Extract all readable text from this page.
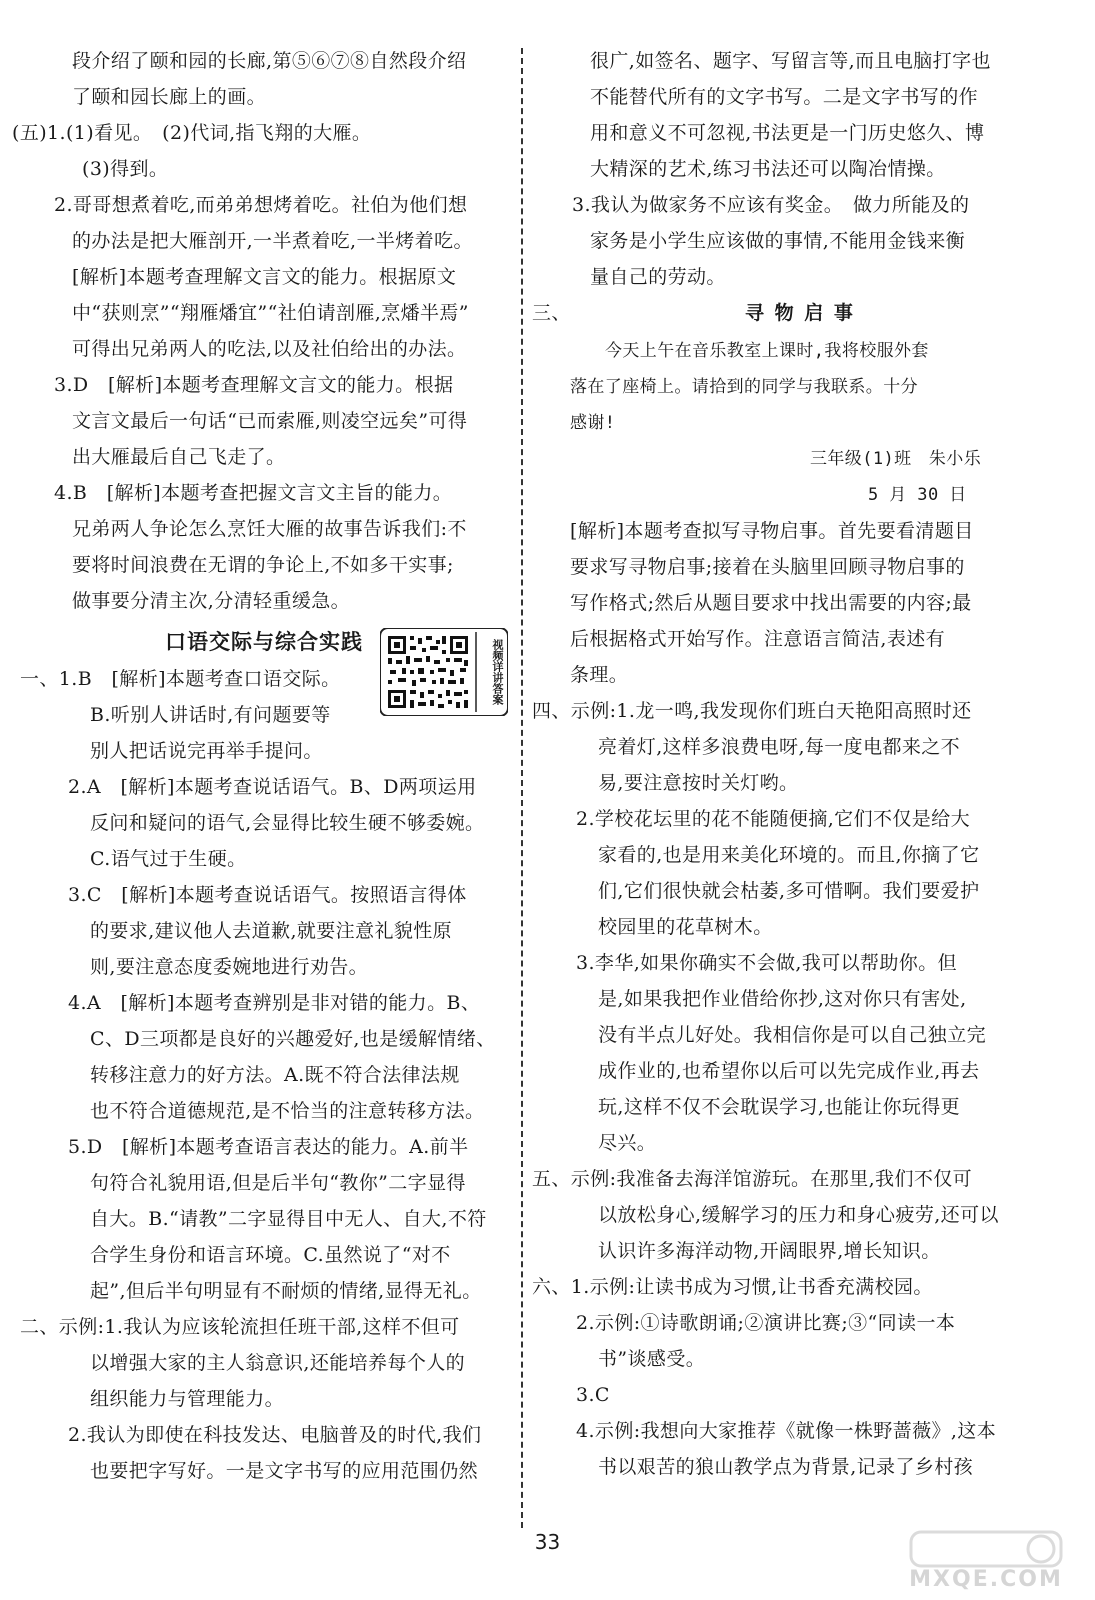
段介绍了颐和园的长廊,第⑤⑥⑦⑧自然段介绍
了颐和园长廊上的画。
(五)1.(1)看见。　(2)代词,指飞翔的大雁。
(3)得到。
2.哥哥想煮着吃,而弟弟想烤着吃。社伯为他们想
的办法是把大雁剖开,一半煮着吃,一半烤着吃。
[解析]本题考查理解文言文的能力。根据原文
中“获则烹”“翔雁燔宜”“社伯请剖雁,烹燔半焉”
可得出兄弟两人的吃法,以及社伯给出的办法。
3.D　[解析]本题考查理解文言文的能力。根据
文言文最后一句话“已而索雁,则凌空远矣”可得
出大雁最后自己飞走了。
4.B　[解析]本题考查把握文言文主旨的能力。
兄弟两人争论怎么烹饪大雁的故事告诉我们:不
要将时间浪费在无谓的争论上,不如多干实事;
做事要分清主次,分清轻重缓急。
口语交际与综合实践
一、1.B　[解析]本题考查口语交际。
B.听别人讲话时,有问题要等
别人把话说完再举手提问。
2.A　[解析]本题考查说话语气。B、D两项运用
反问和疑问的语气,会显得比较生硬不够委婉。
C.语气过于生硬。
3.C　[解析]本题考查说话语气。按照语言得体
的要求,建议他人去道歉,就要注意礼貌性原
则,要注意态度委婉地进行劝告。
4.A　[解析]本题考查辨别是非对错的能力。B、
C、D三项都是良好的兴趣爱好,也是缓解情绪、
转移注意力的好方法。A.既不符合法律法规
也不符合道德规范,是不恰当的注意转移方法。
5.D　[解析]本题考查语言表达的能力。A.前半
句符合礼貌用语,但是后半句“教你”二字显得
自大。B.“请教”二字显得目中无人、自大,不符
合学生身份和语言环境。C.虽然说了“对不
起”,但后半句明显有不耐烦的情绪,显得无礼。
二、示例:1.我认为应该轮流担任班干部,这样不但可
以增强大家的主人翁意识,还能培养每个人的
组织能力与管理能力。
2.我认为即使在科技发达、电脑普及的时代,我们
也要把字写好。一是文字书写的应用范围仍然
视频详讲答案
很广,如签名、题字、写留言等,而且电脑打字也
不能替代所有的文字书写。二是文字书写的作
用和意义不可忽视,书法更是一门历史悠久、博
大精深的艺术,练习书法还可以陶冶情操。
3.我认为做家务不应该有奖金。　做力所能及的
家务是小学生应该做的事情,不能用金钱来衡
量自己的劳动。
三、	寻 物 启 事
今天上午在音乐教室上课时,我将校服外套
落在了座椅上。请拾到的同学与我联系。十分
感谢!
三年级(1)班　朱小乐
5 月 30 日
[解析]本题考查拟写寻物启事。首先要看清题目
要求写寻物启事;接着在头脑里回顾寻物启事的
写作格式;然后从题目要求中找出需要的内容;最
后根据格式开始写作。注意语言简洁,表述有
条理。
四、示例:1.龙一鸣,我发现你们班白天艳阳高照时还
亮着灯,这样多浪费电呀,每一度电都来之不
易,要注意按时关灯哟。
2.学校花坛里的花不能随便摘,它们不仅是给大
家看的,也是用来美化环境的。而且,你摘了它
们,它们很快就会枯萎,多可惜啊。我们要爱护
校园里的花草树木。
3.李华,如果你确实不会做,我可以帮助你。但
是,如果我把作业借给你抄,这对你只有害处,
没有半点儿好处。我相信你是可以自己独立完
成作业的,也希望你以后可以先完成作业,再去
玩,这样不仅不会耽误学习,也能让你玩得更
尽兴。
五、示例:我准备去海洋馆游玩。在那里,我们不仅可
以放松身心,缓解学习的压力和身心疲劳,还可以
认识许多海洋动物,开阔眼界,增长知识。
六、1.示例:让读书成为习惯,让书香充满校园。
2.示例:①诗歌朗诵;②演讲比赛;③“同读一本
书”谈感受。
3.C
4.示例:我想向大家推荐《就像一株野蔷薇》,这本
书以艰苦的狼山教学点为背景,记录了乡村孩
33
MXQE.COM
